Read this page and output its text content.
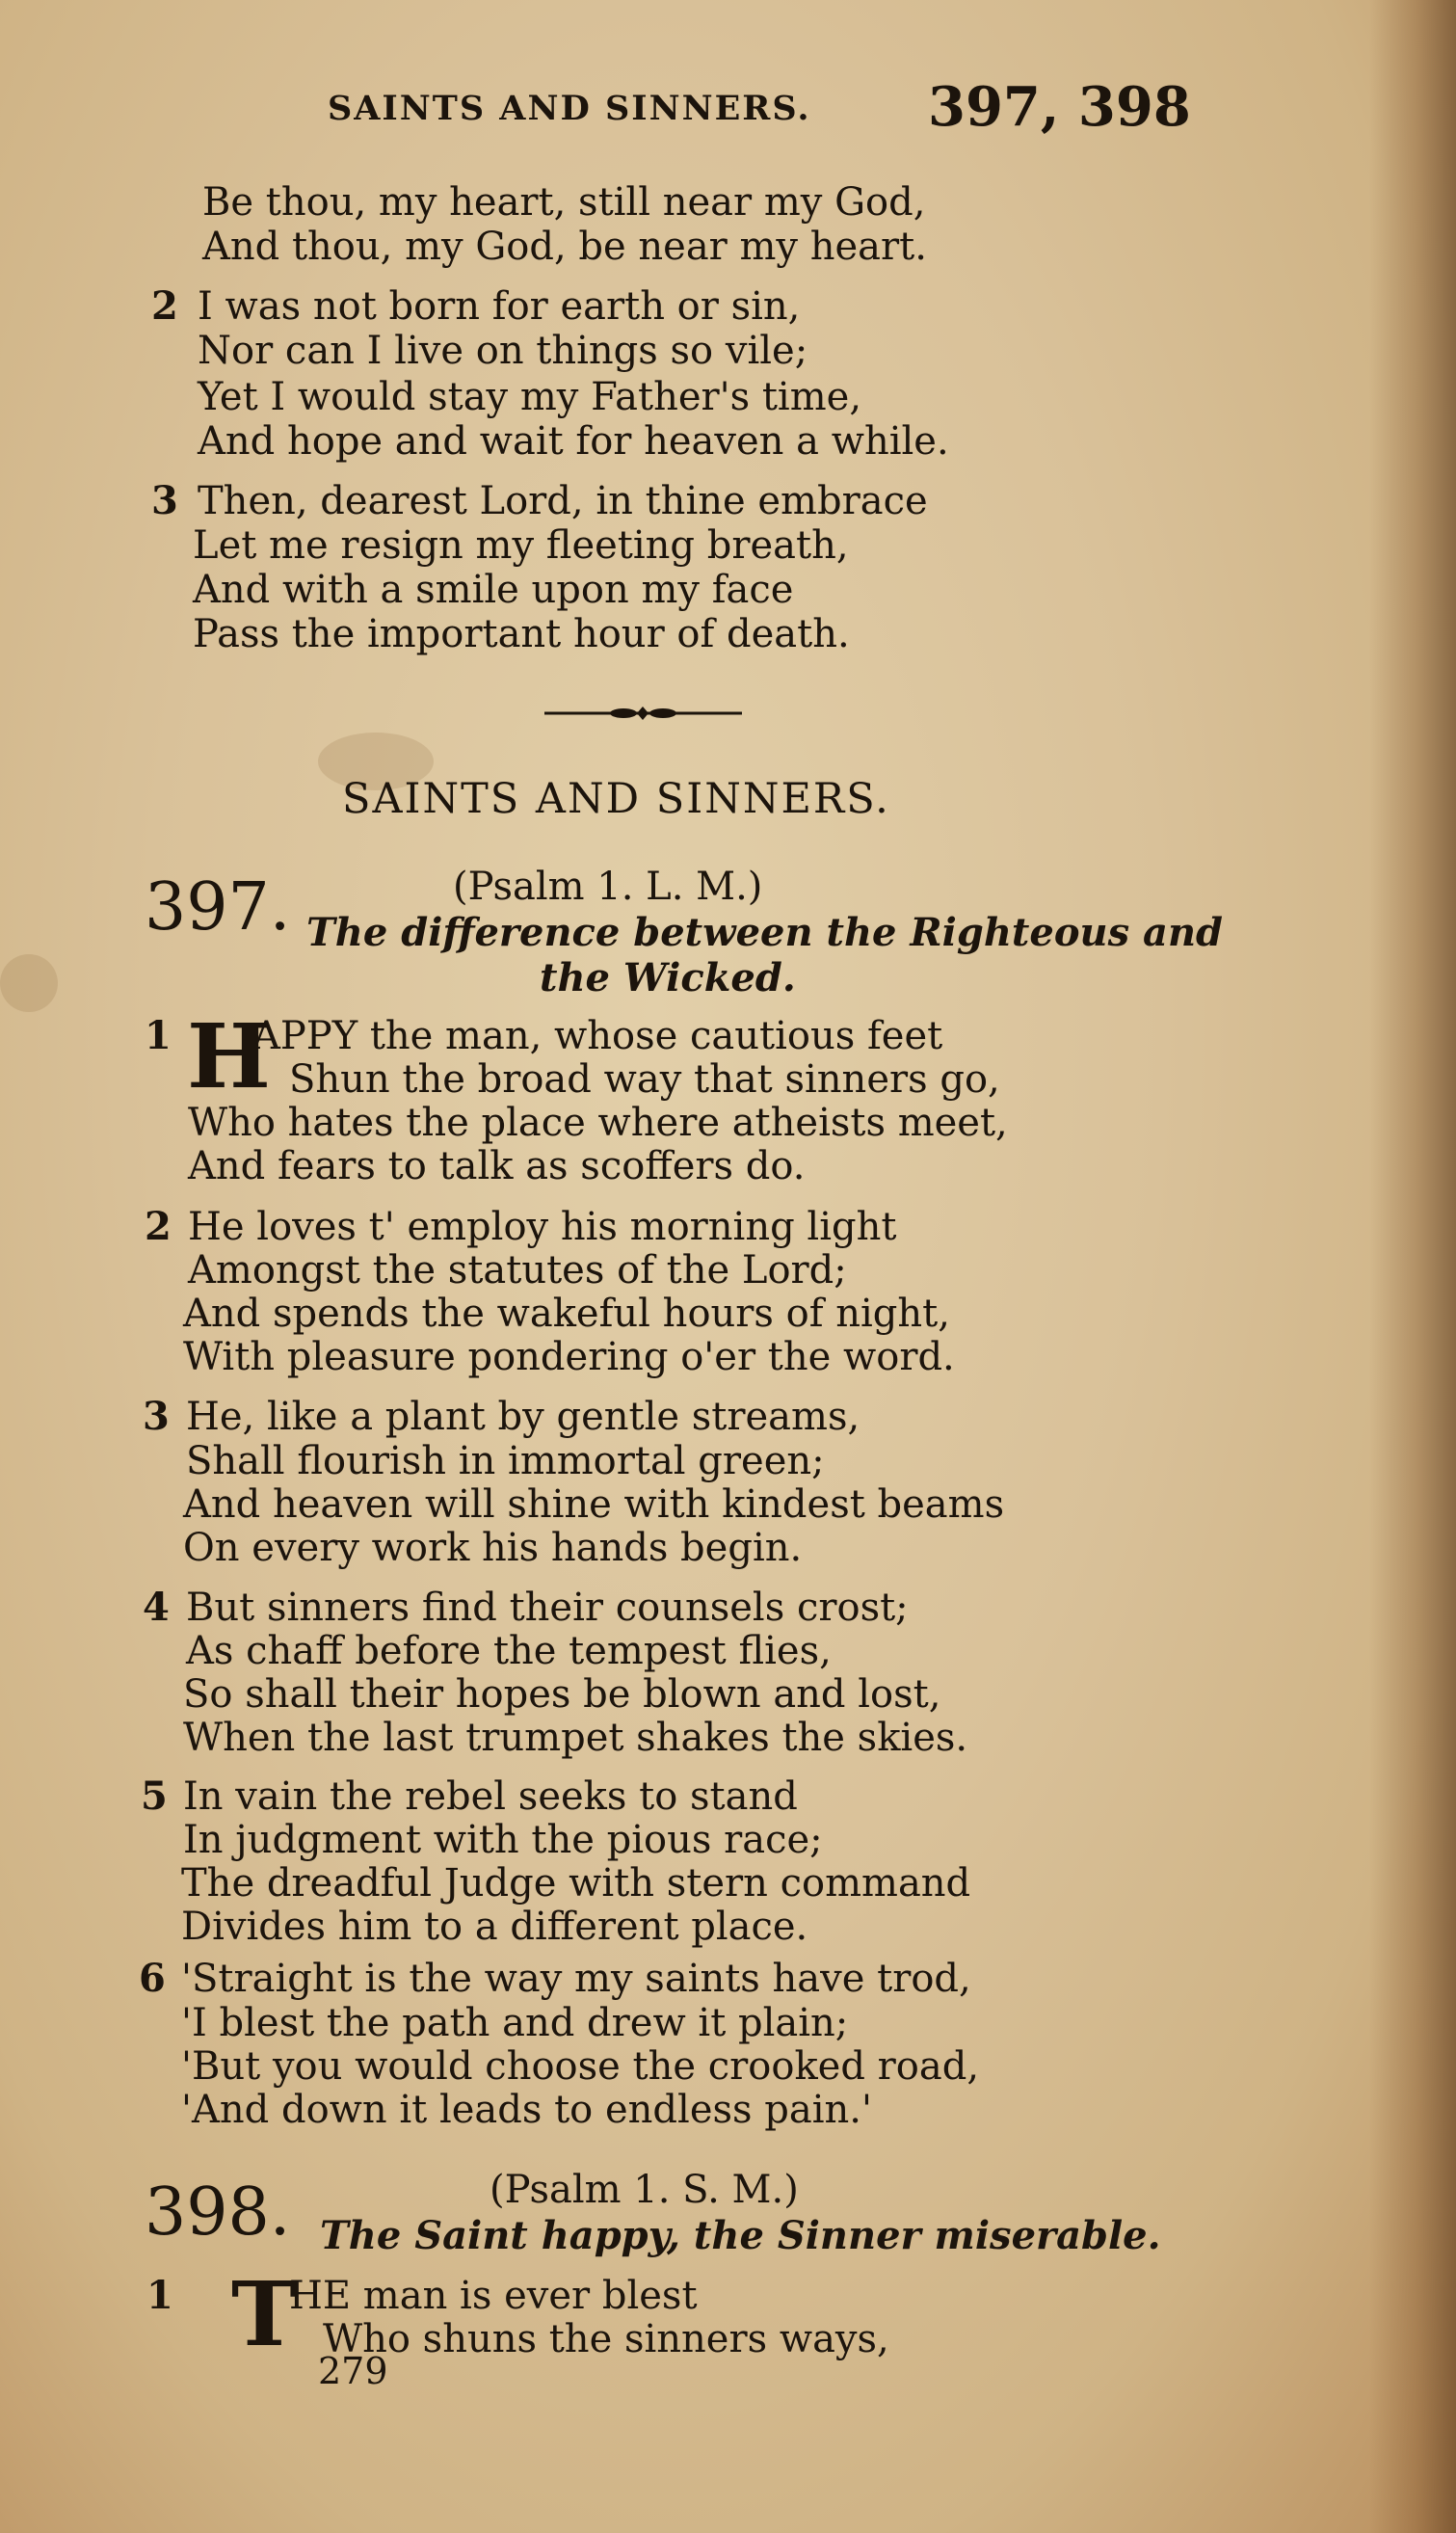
SAINTS AND SINNERS. 397, 398
Be thou, my heart, still near my God,
And thou, my God, be near my heart.
2 I was not born for earth or sin,
Nor can I live on things so vile;
Yet I would stay my Father's time,
And hope and wait for heaven a while.
3 Then, dearest Lord, in thine embrace
Let me resign my fleeting breath,
And with a smile upon my face
Pass the important hour of death.
SAINTS AND SINNERS.
397.	(Psalm 1. L. M.)
The difference between the Righteous and
the Wicked.
1 H
APPY the man, whose cautious feet
Shun the broad way that sinners go,
Who hates the place where atheists meet,
And fears to talk as scoffers do.
2 He loves t' employ his morning light
Amongst the statutes of the Lord;
And spends the wakeful hours of night,
With pleasure pondering o'er the word.
3 He, like a plant by gentle streams,
Shall flourish in immortal green;
And heaven will shine with kindest beams
On every work his hands begin.
4 But sinners find their counsels crost;
As chaff before the tempest flies,
So shall their hopes be blown and lost,
When the last trumpet shakes the skies.
5 In vain the rebel seeks to stand
In judgment with the pious race;
The dreadful Judge with stern command
Divides him to a different place.
6 'Straight is the way my saints have trod,
'I blest the path and drew it plain;
'But you would choose the crooked road,
'And down it leads to endless pain.'
398.	(Psalm 1. S. M.)
The Saint happy, the Sinner miserable.
1 T
HE man is ever blest
Who shuns the sinners ways,
279
